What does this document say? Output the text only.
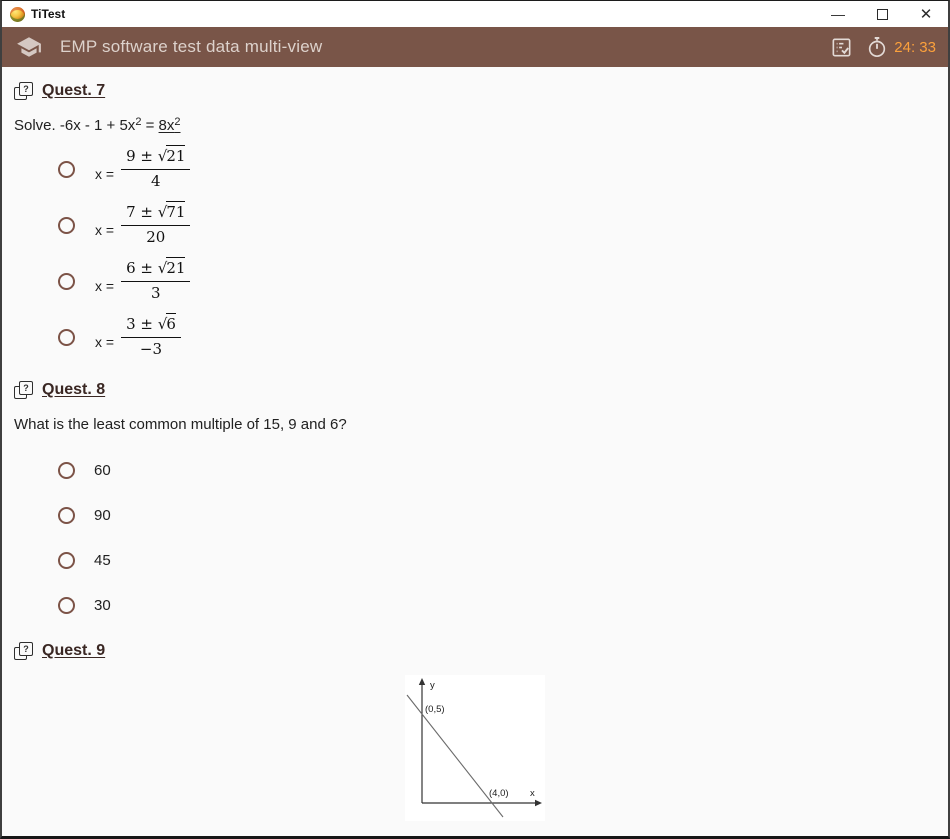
TiTest	—	✕
EMP software test data multi-view	24: 33
? Quest. 7
Solve. $-6x - 1 + 5x^2 = 8x^2$
$x = \frac{9 \pm √21}{4}$
$x = \frac{7 \pm √71}{20}$
$x = \frac{6 \pm √21}{3}$
$x = \frac{3 \pm √6}{-3}$
? Quest. 8
What is the least common multiple of 15, 9 and 6?
60
90
45
30
? Quest. 9
y
x
(0,5)
(4,0)
